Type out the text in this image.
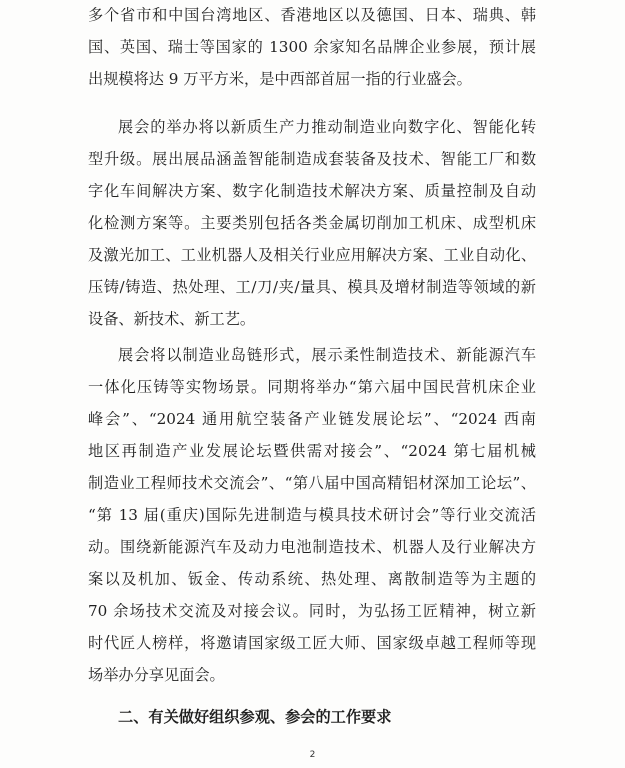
多个省市和中国台湾地区、香港地区以及德国、日本、瑞典、韩
国、英国、瑞士等国家的 1300 余家知名品牌企业参展，预计展
出规模将达 9 万平方米，是中西部首屈一指的行业盛会。
展会的举办将以新质生产力推动制造业向数字化、智能化转
型升级。展出展品涵盖智能制造成套装备及技术、智能工厂和数
字化车间解决方案、数字化制造技术解决方案、质量控制及自动
化检测方案等。主要类别包括各类金属切削加工机床、成型机床
及激光加工、工业机器人及相关行业应用解决方案、工业自动化、
压铸/铸造、热处理、工/刀/夹/量具、模具及增材制造等领域的新
设备、新技术、新工艺。
展会将以制造业岛链形式，展示柔性制造技术、新能源汽车
一体化压铸等实物场景。同期将举办“第六届中国民营机床企业
峰会”、“2024 通用航空装备产业链发展论坛”、“2024 西南
地区再制造产业发展论坛暨供需对接会”、“2024 第七届机械
制造业工程师技术交流会”、“第八届中国高精铝材深加工论坛”、
“第 13 届(重庆)国际先进制造与模具技术研讨会”等行业交流活
动。围绕新能源汽车及动力电池制造技术、机器人及行业解决方
案以及机加、钣金、传动系统、热处理、离散制造等为主题的
70 余场技术交流及对接会议。同时，为弘扬工匠精神，树立新
时代匠人榜样，将邀请国家级工匠大师、国家级卓越工程师等现
场举办分享见面会。
二、有关做好组织参观、参会的工作要求
2
